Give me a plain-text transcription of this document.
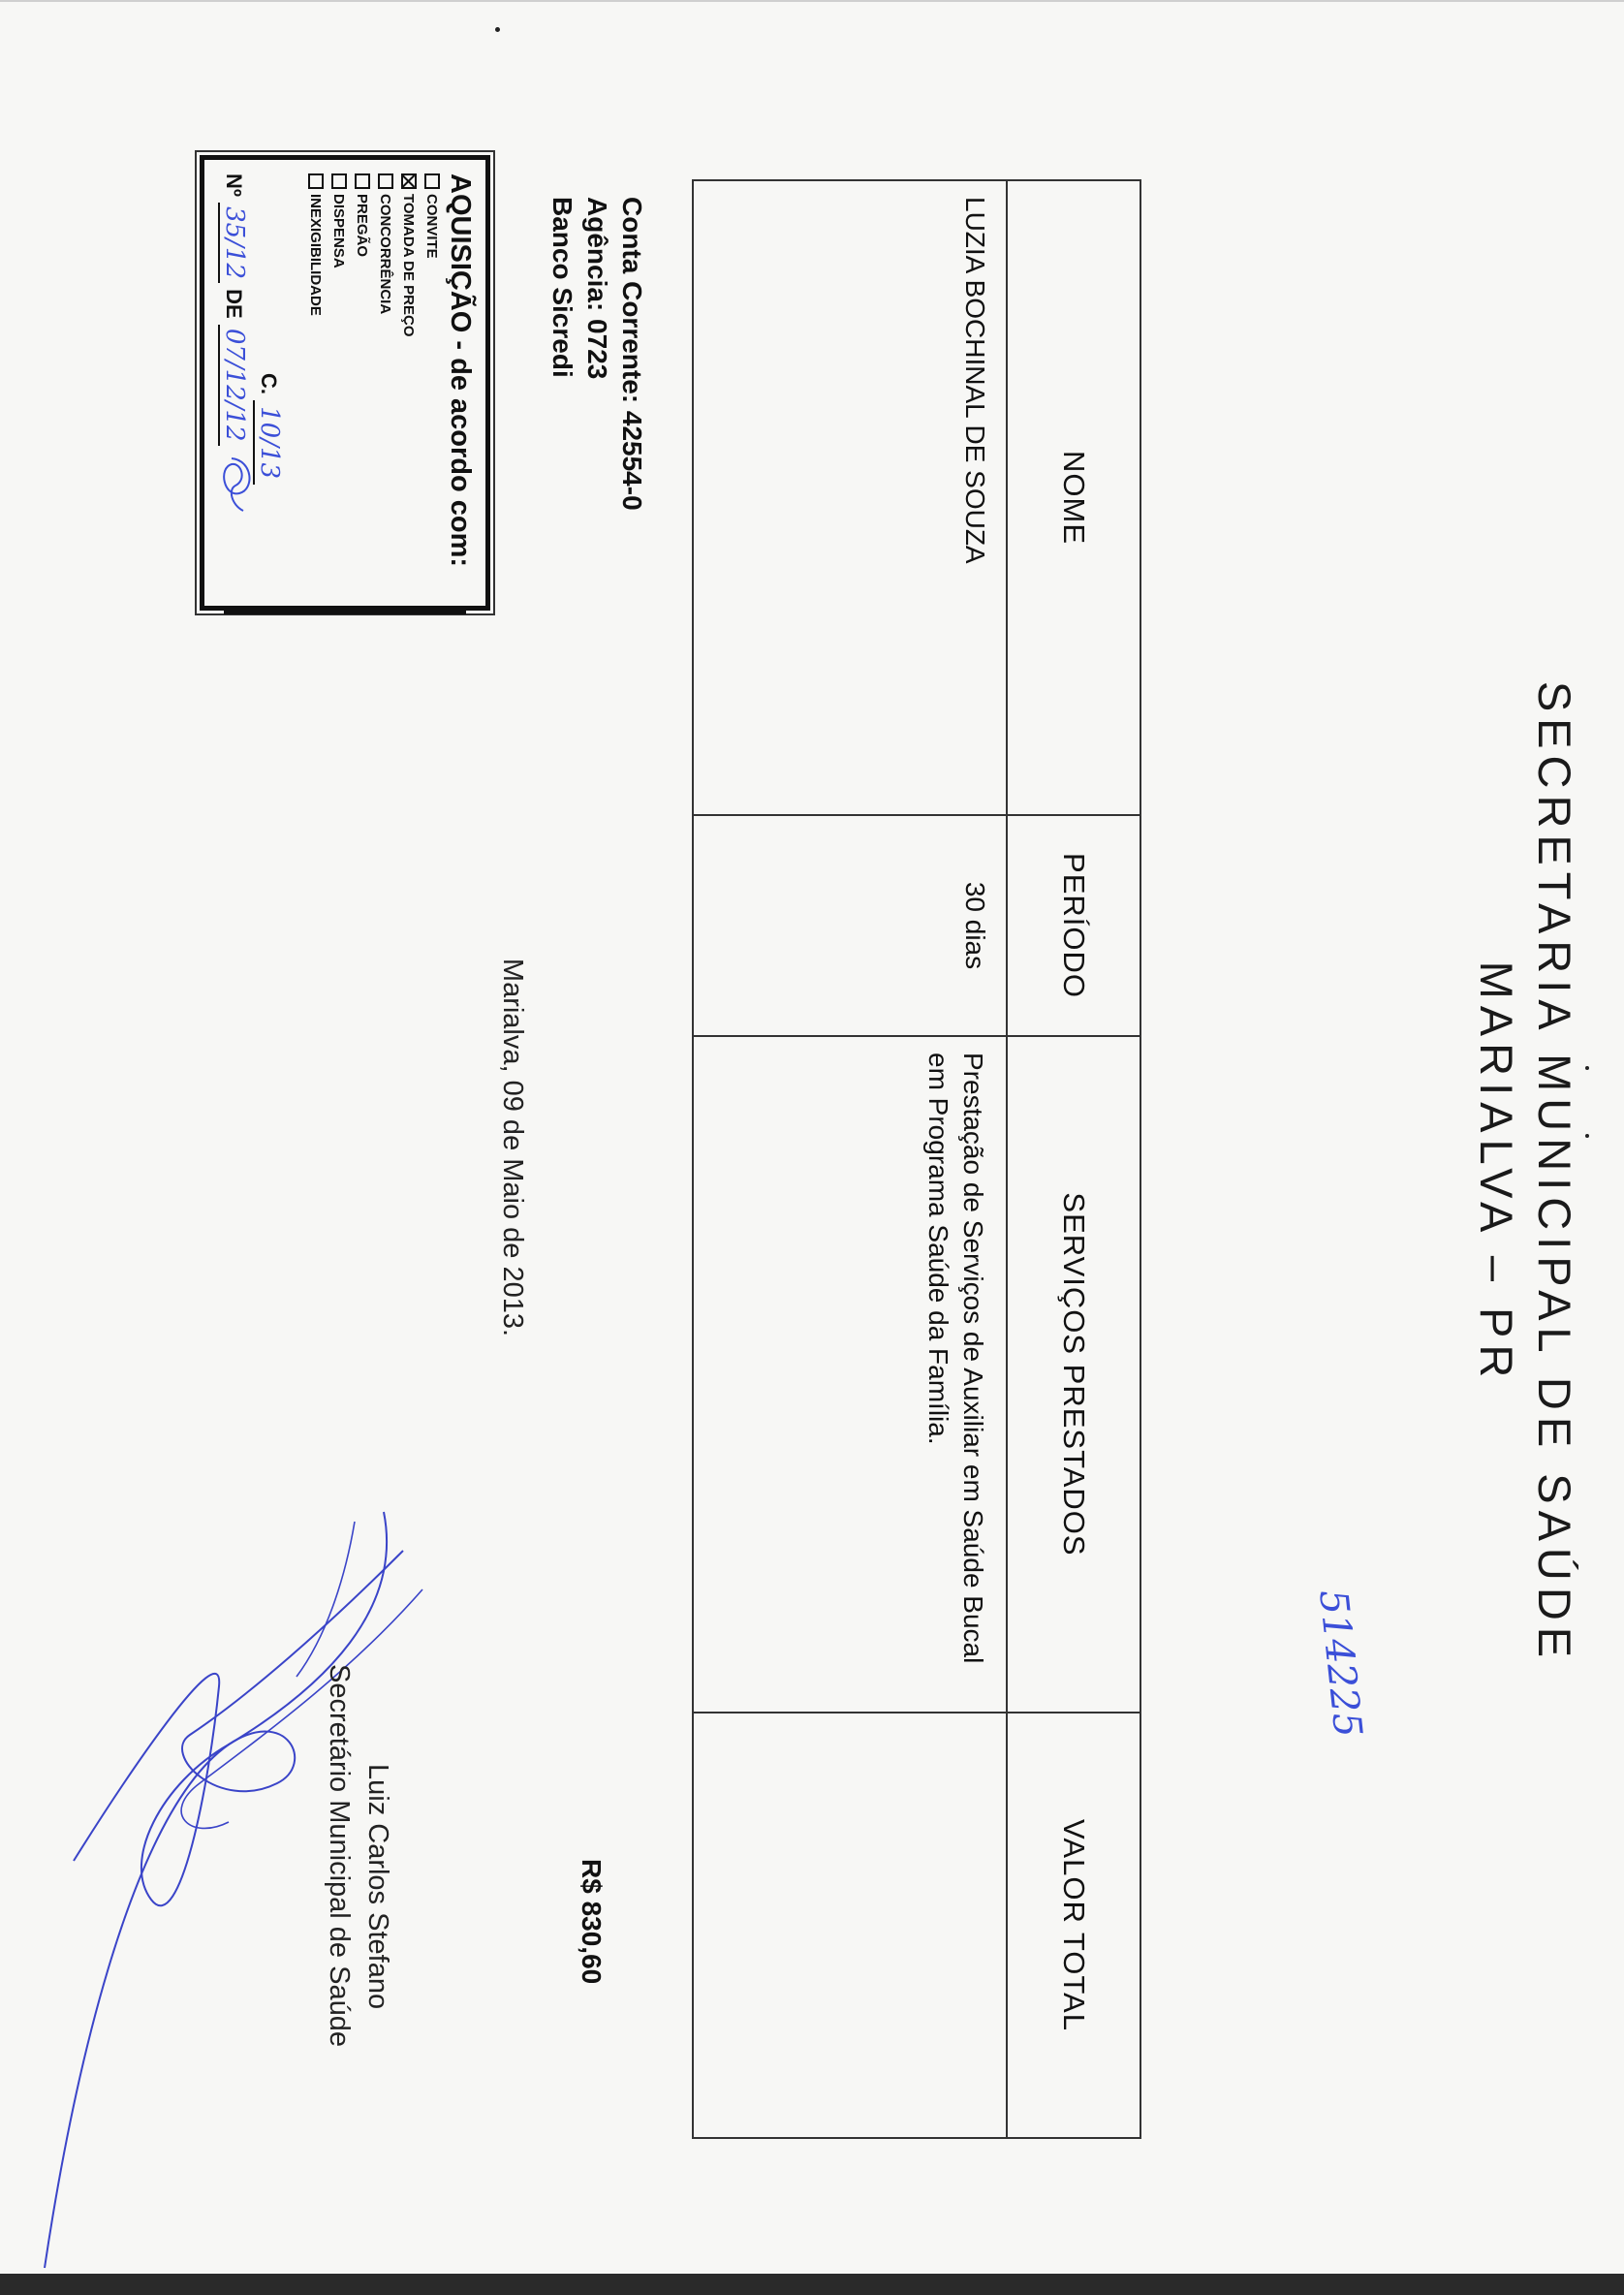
SECRETARIA MUNICIPAL DE SAÚDE
MARIALVA – PR
514225
NOME	PERÍODO	SERVIÇOS PRESTADOS	VALOR TOTAL
LUZIA BOCHINAL DE SOUZA	30 dias	Prestação de Serviços de Auxiliar em Saúde Bucal em Programa Saúde da Família.	
R$ 830,60
Conta Corrente: 42554-0
Agência: 0723
Banco Sicredi
Marialva, 09 de Maio de 2013.
AQUISIÇÃO - de acordo com:
CONVITE
TOMADA DE PREÇO
CONCORRÊNCIA
PREGÃO
DISPENSA
INEXIGIBILIDADE
C. 10/13
Nº 35/12 DE 07/12/12
Luiz Carlos Stefano
Secretário Municipal de Saúde
